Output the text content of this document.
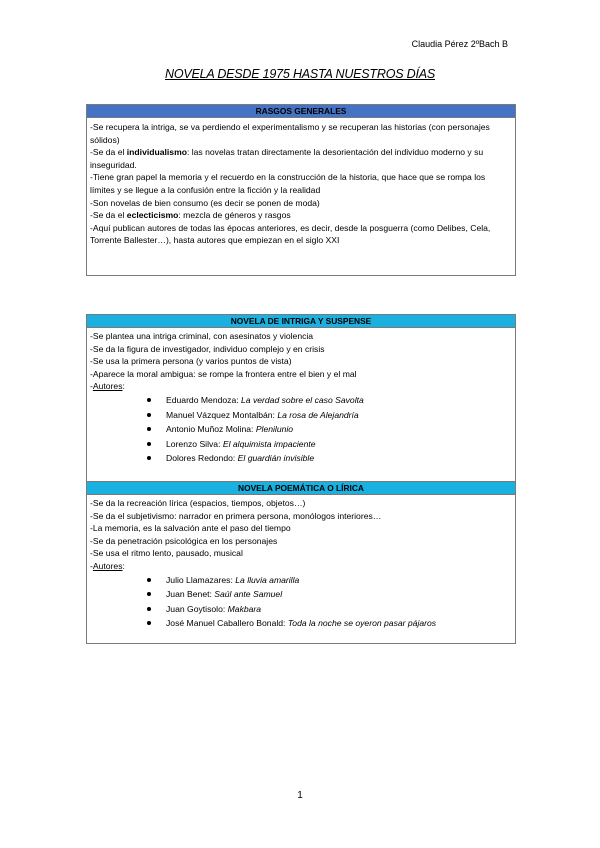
Claudia Pérez 2ºBach B
NOVELA DESDE 1975 HASTA NUESTROS DÍAS
RASGOS GENERALES
-Se recupera la intriga, se va perdiendo el experimentalismo y se recuperan las historias (con personajes sólidos)
-Se da el individualismo: las novelas tratan directamente la desorientación del individuo moderno y su inseguridad.
-Tiene gran papel la memoria y el recuerdo en la construcción de la historia, que hace que se rompa los límites y se llegue a la confusión entre la ficción y la realidad
-Son novelas de bien consumo (es decir se ponen de moda)
-Se da el eclecticismo: mezcla de géneros y rasgos
-Aquí publican autores de todas las épocas anteriores, es decir, desde la posguerra (como Delibes, Cela, Torrente Ballester…), hasta autores que empiezan en el siglo XXI
NOVELA DE INTRIGA Y SUSPENSE
-Se plantea una intriga criminal, con asesinatos y violencia
-Se da la figura de investigador, individuo complejo y en crisis
-Se usa la primera persona (y varios puntos de vista)
-Aparece la moral ambigua: se rompe la frontera entre el bien y el mal
-Autores:
Eduardo Mendoza: La verdad sobre el caso Savolta
Manuel Vázquez Montalbán: La rosa de Alejandría
Antonio Muñoz Molina: Plenilunio
Lorenzo Silva: El alquimista impaciente
Dolores Redondo: El guardián invisible
NOVELA POEMÁTICA O LÍRICA
-Se da la recreación lírica (espacios, tiempos, objetos…)
-Se da el subjetivismo: narrador en primera persona, monólogos interiores…
-La memoria, es la salvación ante el paso del tiempo
-Se da penetración psicológica en los personajes
-Se usa el ritmo lento, pausado, musical
-Autores:
Julio Llamazares: La lluvia amarilla
Juan Benet: Saúl ante Samuel
Juan Goytisolo: Makbara
José Manuel Caballero Bonald: Toda la noche se oyeron pasar pájaros
1
